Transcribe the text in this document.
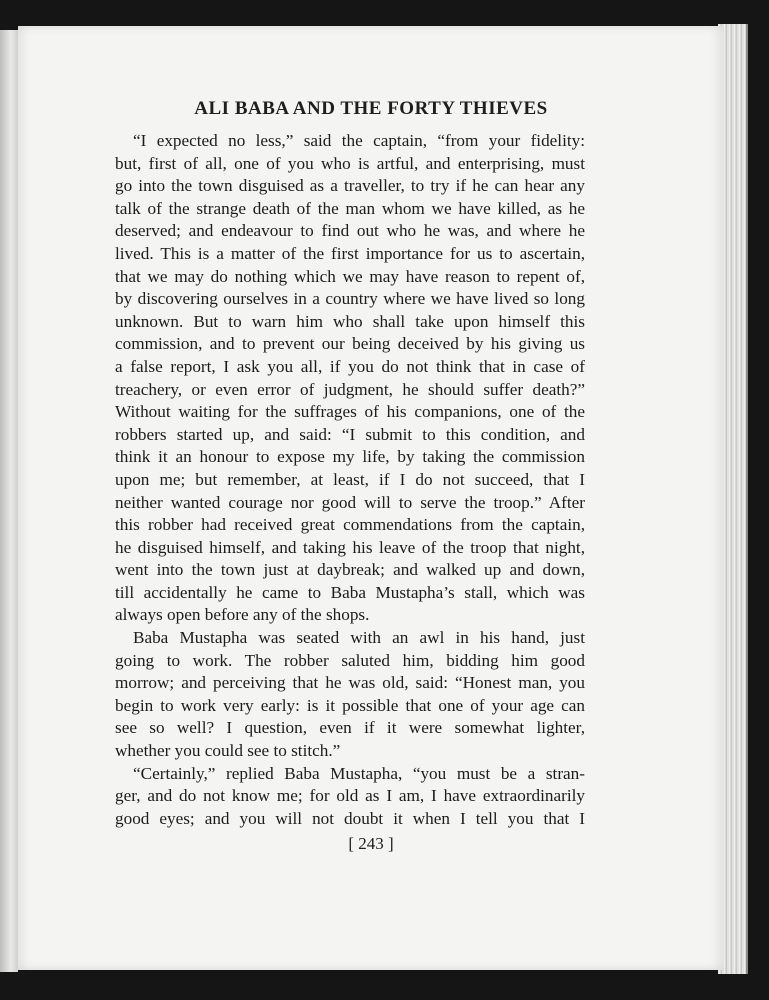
ALI BABA AND THE FORTY THIEVES
“I expected no less,” said the captain, “from your fidelity:
but, first of all, one of you who is artful, and enterprising, must
go into the town disguised as a traveller, to try if he can hear any
talk of the strange death of the man whom we have killed, as he
deserved; and endeavour to find out who he was, and where he
lived. This is a matter of the first importance for us to ascertain,
that we may do nothing which we may have reason to repent of,
by discovering ourselves in a country where we have lived so long
unknown. But to warn him who shall take upon himself this
commission, and to prevent our being deceived by his giving us
a false report, I ask you all, if you do not think that in case of
treachery, or even error of judgment, he should suffer death?”
Without waiting for the suffrages of his companions, one of the
robbers started up, and said: “I submit to this condition, and
think it an honour to expose my life, by taking the commission
upon me; but remember, at least, if I do not succeed, that I
neither wanted courage nor good will to serve the troop.” After
this robber had received great commendations from the captain,
he disguised himself, and taking his leave of the troop that night,
went into the town just at daybreak; and walked up and down,
till accidentally he came to Baba Mustapha’s stall, which was
always open before any of the shops.
Baba Mustapha was seated with an awl in his hand, just
going to work. The robber saluted him, bidding him good
morrow; and perceiving that he was old, said: “Honest man, you
begin to work very early: is it possible that one of your age can
see so well? I question, even if it were somewhat lighter,
whether you could see to stitch.”
“Certainly,” replied Baba Mustapha, “you must be a stran-
ger, and do not know me; for old as I am, I have extraordinarily
good eyes; and you will not doubt it when I tell you that I
[ 243 ]
